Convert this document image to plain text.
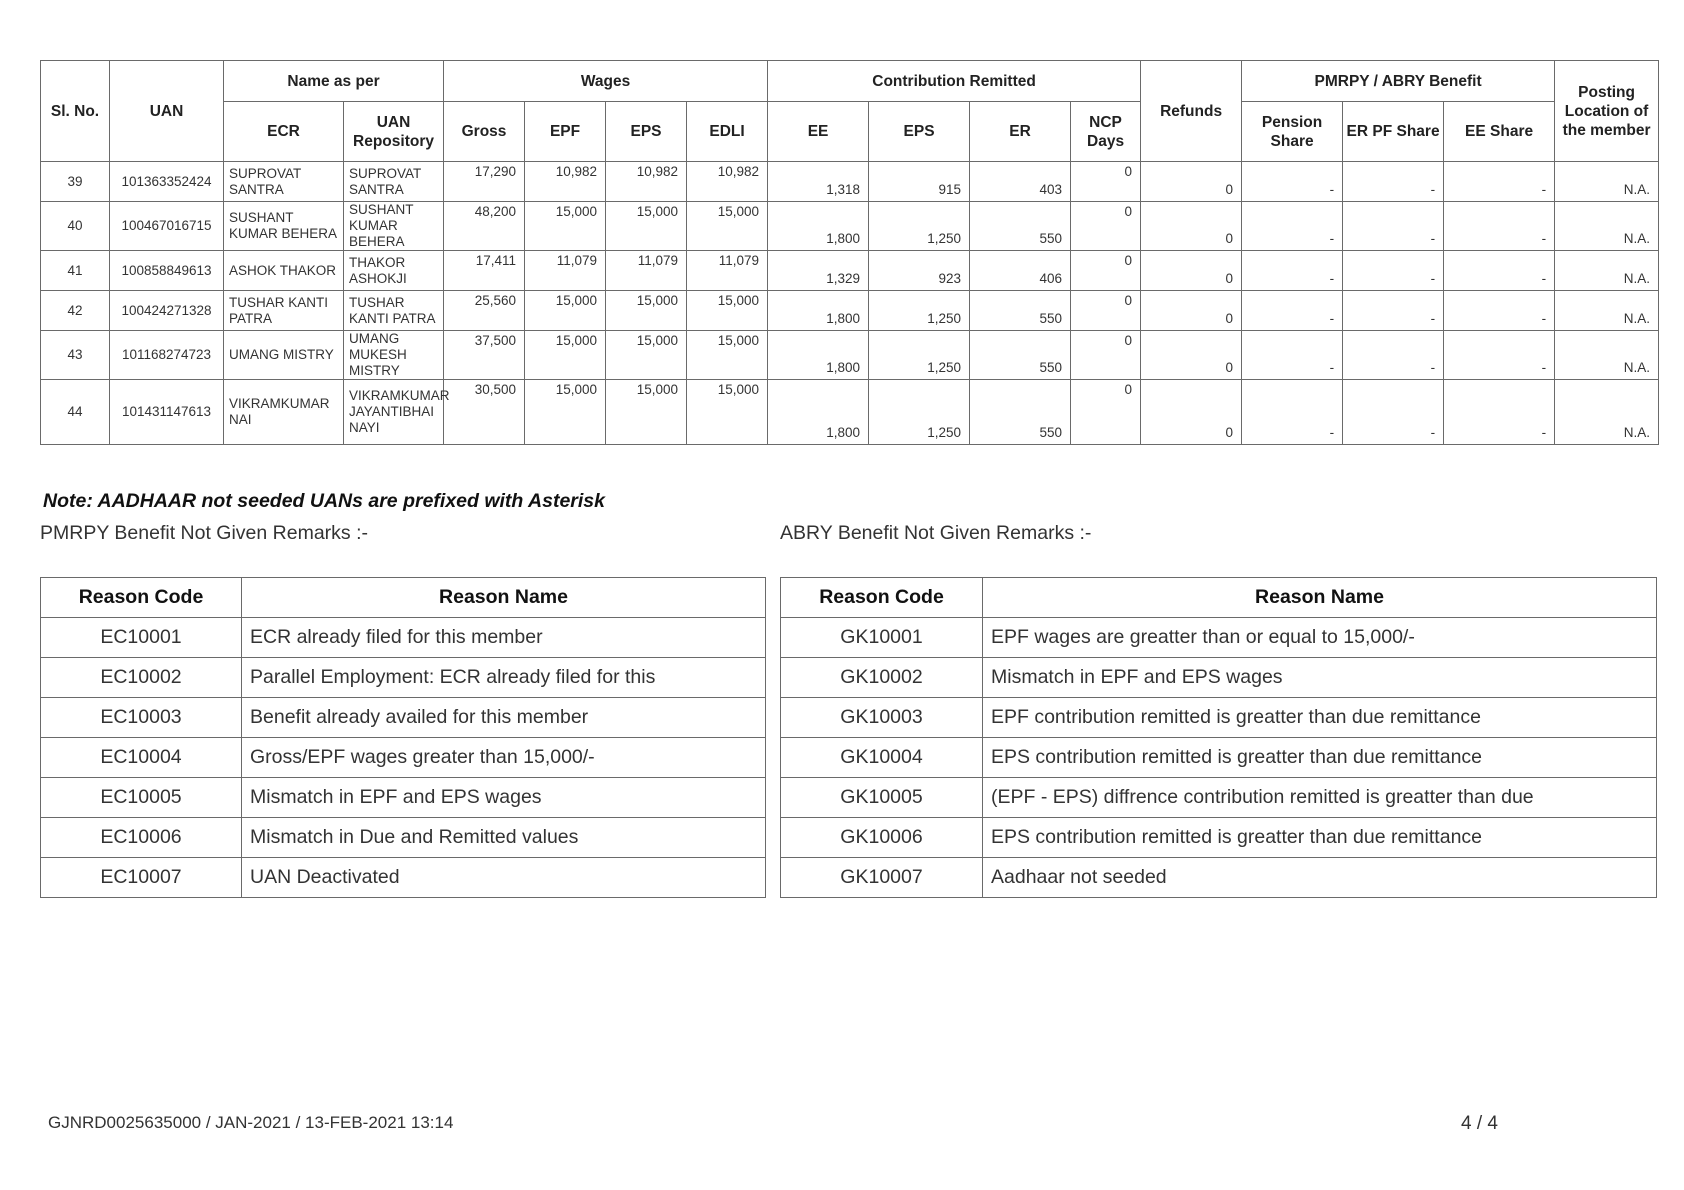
Sl. No.	UAN	Name as per		Wages				Contribution Remitted				Refunds	PMRPY / ABRY Benefit			Posting Location of the member
		ECR	UAN Repository	Gross	EPF	EPS	EDLI	EE	EPS	ER	NCP Days		Pension Share	ER PF Share	EE Share	
39	101363352424	SUPROVAT SANTRA	SUPROVAT SANTRA	17,290	10,982	10,982	10,982	1,318	915	403	0	0	-	-	-	N.A.
40	100467016715	SUSHANT KUMAR BEHERA	SUSHANT KUMAR BEHERA	48,200	15,000	15,000	15,000	1,800	1,250	550	0	0	-	-	-	N.A.
41	100858849613	ASHOK THAKOR	THAKOR ASHOKJI	17,411	11,079	11,079	11,079	1,329	923	406	0	0	-	-	-	N.A.
42	100424271328	TUSHAR KANTI PATRA	TUSHAR KANTI PATRA	25,560	15,000	15,000	15,000	1,800	1,250	550	0	0	-	-	-	N.A.
43	101168274723	UMANG MISTRY	UMANG MUKESH MISTRY	37,500	15,000	15,000	15,000	1,800	1,250	550	0	0	-	-	-	N.A.
44	101431147613	VIKRAMKUMAR NAI	VIKRAMKUMAR JAYANTIBHAI NAYI	30,500	15,000	15,000	15,000	1,800	1,250	550	0	0	-	-	-	N.A.
Note: AADHAAR not seeded UANs are prefixed with Asterisk
PMRPY Benefit Not Given Remarks :-	ABRY Benefit Not Given Remarks :-
Reason Code	Reason Name
EC10001	ECR already filed for this member
EC10002	Parallel Employment: ECR already filed for this
EC10003	Benefit already availed for this member
EC10004	Gross/EPF wages greater than 15,000/-
EC10005	Mismatch in EPF and EPS wages
EC10006	Mismatch in Due and Remitted values
EC10007	UAN Deactivated
Reason Code	Reason Name
GK10001	EPF wages are greatter than or equal to 15,000/-
GK10002	Mismatch in EPF and EPS wages
GK10003	EPF contribution remitted is greatter than due remittance
GK10004	EPS contribution remitted is greatter than due remittance
GK10005	(EPF - EPS) diffrence contribution remitted is greatter than due
GK10006	EPS contribution remitted is greatter than due remittance
GK10007	Aadhaar not seeded
GJNRD0025635000 / JAN-2021 / 13-FEB-2021 13:14	4 / 4
